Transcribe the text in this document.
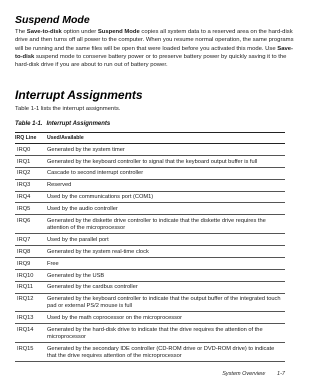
Suspend Mode

The Save-to-disk option under Suspend Mode copies all system data to a reserved area on the hard-disk drive and then turns off all power to the computer. When you resume normal operation, the same programs will be running and the same files will be open that were loaded before you activated this mode. Use Save-to-disk suspend mode to conserve battery power or to preserve battery power by quickly saving it to the hard-disk drive if you are about to run out of battery power.

Interrupt Assignments
Table 1-1 lists the interrupt assignments.
Table 1-1. Interrupt Assignments
IRQ Line	Used/Available
IRQ0	Generated by the system timer
IRQ1	Generated by the keyboard controller to signal that the keyboard output buffer is full
IRQ2	Cascade to second interrupt controller
IRQ3	Reserved
IRQ4	Used by the communications port (COM1)
IRQ5	Used by the audio controller
IRQ6	Generated by the diskette drive controller to indicate that the diskette drive requires the attention of the microprocessor
IRQ7	Used by the parallel port
IRQ8	Generated by the system real-time clock
IRQ9	Free
IRQ10	Generated by the USB
IRQ11	Generated by the cardbus controller
IRQ12	Generated by the keyboard controller to indicate that the output buffer of the integrated touch pad or external PS/2 mouse is full
IRQ13	Used by the math coprocessor on the microprocessor
IRQ14	Generated by the hard-disk drive to indicate that the drive requires the attention of the microprocessor
IRQ15	Generated by the secondary IDE controller (CD-ROM drive or DVD-ROM drive) to indicate that the drive requires attention of the microprocessor
System Overview 1-7
